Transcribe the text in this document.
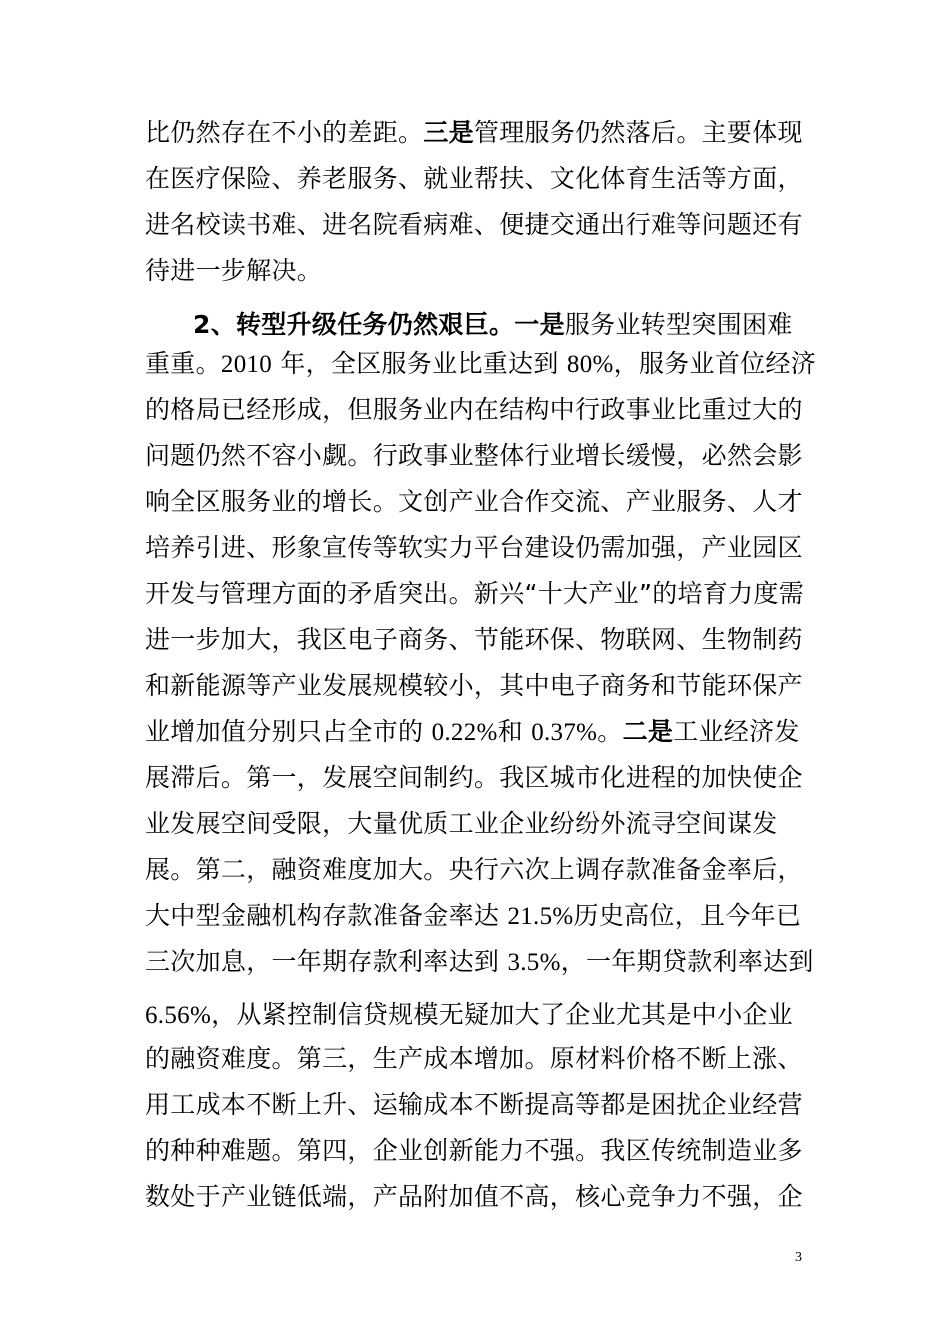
比仍然存在不小的差距。三是管理服务仍然落后。主要体现
在医疗保险、养老服务、就业帮扶、文化体育生活等方面，
进名校读书难、进名院看病难、便捷交通出行难等问题还有
待进一步解决。
2、转型升级任务仍然艰巨。一是服务业转型突围困难
重重。2010 年，全区服务业比重达到 80%，服务业首位经济
的格局已经形成，但服务业内在结构中行政事业比重过大的
问题仍然不容小觑。行政事业整体行业增长缓慢，必然会影
响全区服务业的增长。文创产业合作交流、产业服务、人才
培养引进、形象宣传等软实力平台建设仍需加强，产业园区
开发与管理方面的矛盾突出。新兴“十大产业”的培育力度需
进一步加大，我区电子商务、节能环保、物联网、生物制药
和新能源等产业发展规模较小，其中电子商务和节能环保产
业增加值分别只占全市的 0.22%和 0.37%。二是工业经济发
展滞后。第一，发展空间制约。我区城市化进程的加快使企
业发展空间受限，大量优质工业企业纷纷外流寻空间谋发
展。第二，融资难度加大。央行六次上调存款准备金率后，
大中型金融机构存款准备金率达 21.5%历史高位，且今年已
三次加息，一年期存款利率达到 3.5%，一年期贷款利率达到
6.56%，从紧控制信贷规模无疑加大了企业尤其是中小企业
的融资难度。第三，生产成本增加。原材料价格不断上涨、
用工成本不断上升、运输成本不断提高等都是困扰企业经营
的种种难题。第四，企业创新能力不强。我区传统制造业多
数处于产业链低端，产品附加值不高，核心竞争力不强，企
3
